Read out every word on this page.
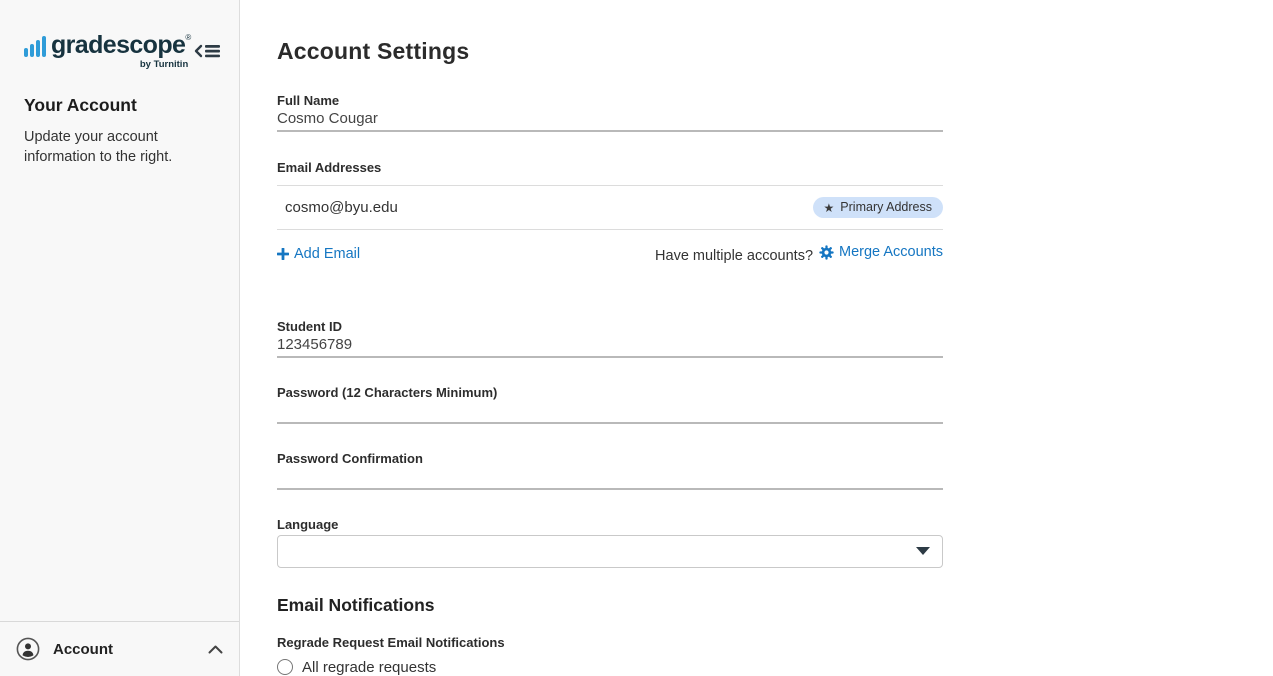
gradescope®
by Turnitin
Your Account

Update your account information to the right.

Account
Account Settings
Full Name
Cosmo Cougar
Email Addresses
cosmo@byu.edu	★ Primary Address
Add Email	Have multiple accounts? Merge Accounts
Student ID
123456789
Password (12 Characters Minimum)
Password Confirmation
Language
Email Notifications
Regrade Request Email Notifications
All regrade requests
